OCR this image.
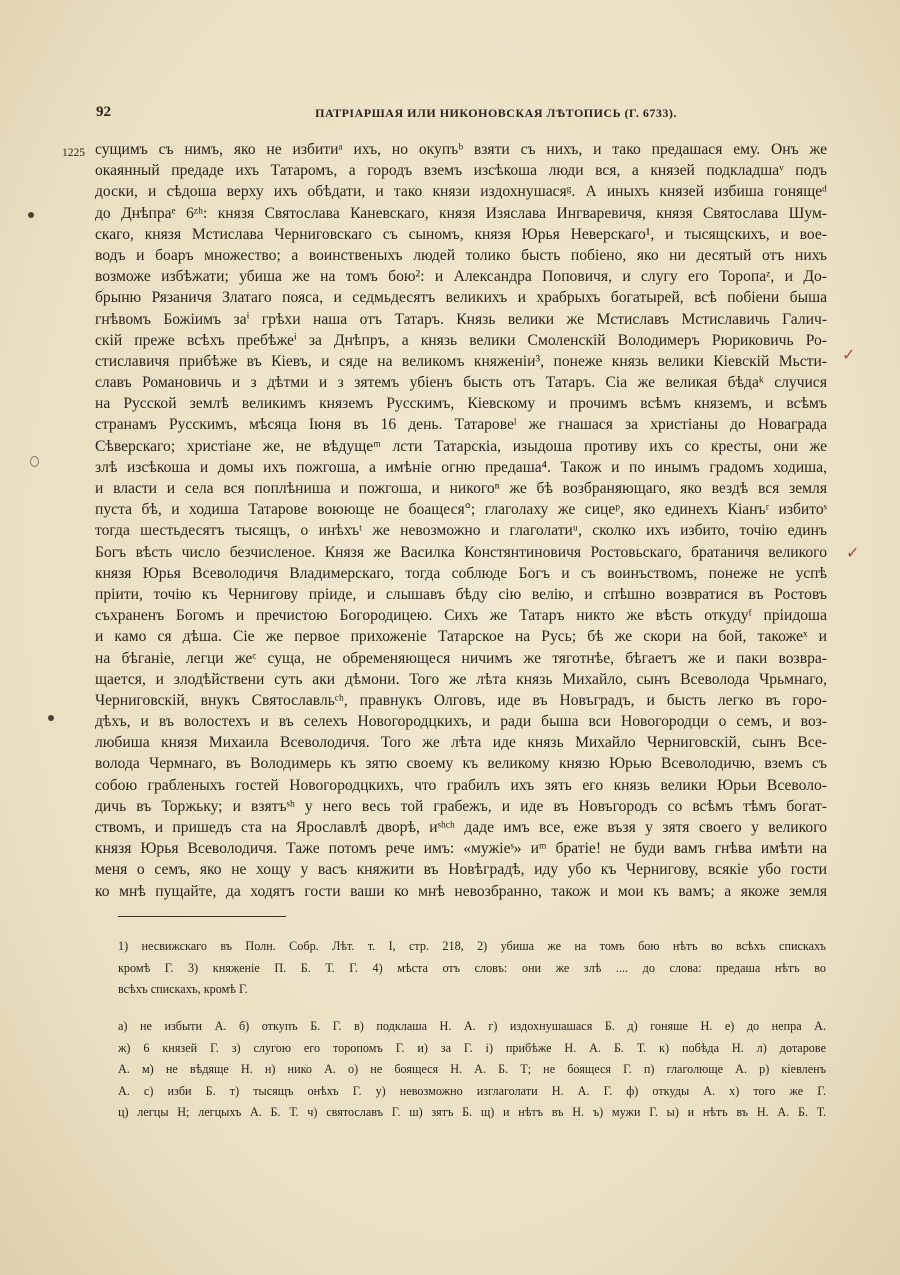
92	ПАТРІАРШАЯ ИЛИ НИКОНОВСКАЯ ЛѢТОПИСЬ (Г. 6733).
1225 сущимъ съ нимъ, яко не избитиᵃ ихъ, но окупъᵇ взяти съ нихъ, и тако предашася ему. Онъ же
окаянный предаде ихъ Татаромъ, а городъ вземъ изсѣкоша люди вся, а князей подкладшаᵛ подъ
доски, и сѣдоша верху ихъ обѣдати, и тако князи издохнушасяᵍ. А иныхъ князей избиша гонящеᵈ
до Днѣпраᵉ 6ᶻʰ: князя Святослава Каневскаго, князя Изяслава Ингваревичя, князя Святослава Шум-
скаго, князя Мстислава Черниговскаго съ сыномъ, князя Юрья Неверскаго¹, и тысящскихъ, и вое-
водъ и боаръ множество; а воинственыхъ людей толико бысть побіено, яко ни десятый отъ нихъ
возможе избѣжати; убиша же на томъ бою²: и Александра Поповичя, и слугу его Торопаᶻ, и До-
брыню Рязаничя Златаго пояса, и седмьдесятъ великихъ и храбрыхъ богатырей, всѣ побіени быша
гнѣвомъ Божіимъ заⁱ грѣхи наша отъ Татаръ. Князь велики же Мстиславъ Мстиславичь Галич-
скій преже всѣхъ пребѣжеⁱ за Днѣпръ, а князь велики Смоленскій Володимеръ Рюриковичь Ро-
стиславичя прибѣже въ Кіевъ, и сяде на великомъ княженіи³, понеже князь велики Кіевскій Мьсти-
славъ Романовичь и з дѣтми и з зятемъ убіенъ бысть отъ Татаръ. Сіа же великая бѣдаᵏ случися
на Русской землѣ великимъ княземъ Русскимъ, Кіевскому и прочимъ всѣмъ княземъ, и всѣмъ
странамъ Русскимъ, мѣсяца Іюня въ 16 день. Татаровеˡ же гнашася за христіаны до Новаграда
Сѣверскаго; христіане же, не вѣдущеᵐ лсти Татарскіа, изыдоша противу ихъ со кресты, они же
злѣ изсѣкоша и домы ихъ пожгоша, а имѣніе огню предаша⁴. Також и по инымъ градомъ ходиша,
и власти и села вся поплѣниша и пожгоша, и никогоⁿ же бѣ возбраняющаго, яко вездѣ вся земля
пуста бѣ, и ходиша Татарове воююще не боащеся°; глаголаху же сицеᵖ, яко единехъ Кіанъʳ избитоˢ
тогда шестьдесятъ тысящъ, о инѣхъᵗ же невозможно и глаголатиᵘ, сколко ихъ избито, точію единъ
Богъ вѣсть число безчисленое. Князя же Василка Констянтиновичя Ростовьскаго, братаничя великого
князя Юрья Всеволодичя Владимерскаго, тогда соблюде Богъ и съ воинъствомъ, понеже не успѣ
пріити, точію къ Чернигову пріиде, и слышавъ бѣду сію велію, и спѣшно возвратися въ Ростовъ
съхраненъ Богомъ и пречистою Богородицею. Сихъ же Татаръ никто же вѣсть откудуᶠ пріидоша
и камо ся дѣша. Сіе же первое прихоженіе Татарское на Русь; бѣ же скори на бой, такожеˣ и
на бѣганіе, легци жеᶜ суща, не обременяющеся ничимъ же тяготнѣе, бѣгаетъ же и паки возвра-
щается, и злодѣйствени суть аки дѣмони. Того же лѣта князь Михайло, сынъ Всеволода Чрьмнаго,
Черниговскій, внукъ Святославльᶜʰ, правнукъ Олговъ, иде въ Новъградъ, и бысть легко въ горо-
дѣхъ, и въ волостехъ и въ селехъ Новогородцкихъ, и ради быша вси Новогородци о семъ, и воз-
любиша князя Михаила Всеволодичя. Того же лѣта иде князь Михайло Черниговскій, сынъ Все-
волода Чермнаго, въ Володимерь къ зятю своему къ великому князю Юрью Всеволодичю, вземъ съ
собою грабленыхъ гостей Новогородцкихъ, что грабилъ ихъ зять его князь велики Юрьи Всеволо-
дичь въ Торжьку; и взятъˢʰ у него весь той грабежъ, и иде въ Новъгородъ со всѣмъ тѣмъ богат-
ствомъ, и пришедъ ста на Ярославлѣ дворѣ, иˢʰᶜʰ даде имъ все, еже възя у зятя своего у великого
князя Юрья Всеволодичя. Таже потомъ рече имъ: «мужіеˢ» иᵐ братіе! не буди вамъ гнѣва имѣти на
меня о семъ, яко не хощу у васъ княжити въ Новѣградѣ, иду убо къ Чернигову, всякіе убо гости
ко мнѣ пущайте, да ходятъ гости ваши ко мнѣ невозбранно, також и мои къ вамъ; а якоже земля
1) несвижскаго въ Полн. Собр. Лѣт. т. I, стр. 218, 2) убиша же на томъ бою нѣтъ во всѣхъ спискахъ
кромѣ Г. 3) княженіе П. Б. Т. Г. 4) мѣста отъ словъ: они же злѣ .... до слова: предаша нѣтъ во
всѣхъ спискахъ, кромѣ Г.
а) не избыти А. б) откупъ Б. Г. в) подклаша Н. А. г) издохнушашася Б. д) гоняше Н. е) до непра А.
ж) 6 князей Г. з) слугою его торопомъ Г. и) за Г. і) прибѣже Н. А. Б. Т. к) побѣда Н. л) дотарове
А. м) не вѣдяще Н. н) нико А. о) не боящеся Н. А. Б. Т; не боящеся Г. п) глаголюще А. р) кіевленъ
А. с) изби Б. т) тысящъ онѣхъ Г. у) невозможно изглаголати Н. А. Г. ф) откуды А. х) того же Г.
ц) легцы Н; легцыхъ А. Б. Т. ч) святославъ Г. ш) зятъ Б. щ) и нѣтъ въ Н. ъ) мужи Г. ы) и нѣтъ въ Н. А. Б. Т.
✓
✓
